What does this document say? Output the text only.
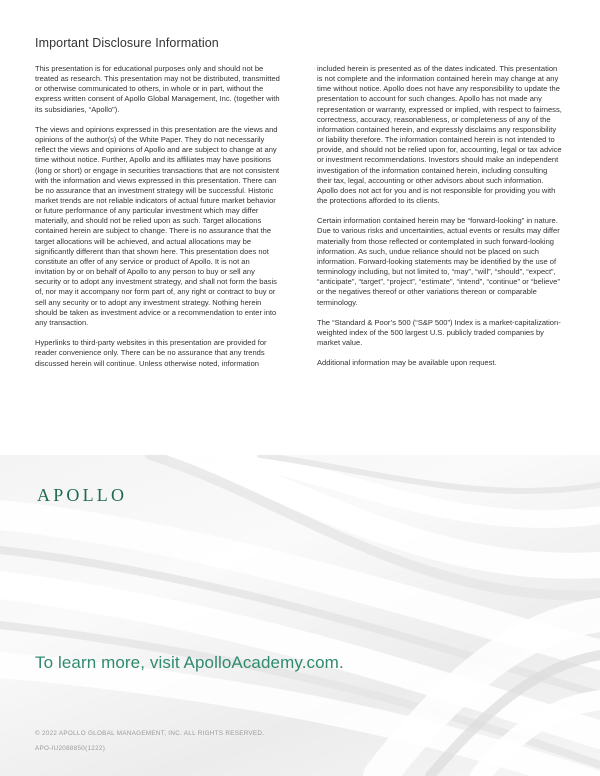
Important Disclosure Information

This presentation is for educational purposes only and should not be treated as research. This presentation may not be distributed, transmitted or otherwise communicated to others, in whole or in part, without the express written consent of Apollo Global Management, Inc. (together with its subsidiaries, “Apollo”).

The views and opinions expressed in this presentation are the views and opinions of the author(s) of the White Paper. They do not necessarily reflect the views and opinions of Apollo and are subject to change at any time without notice. Further, Apollo and its affiliates may have positions (long or short) or engage in securities transactions that are not consistent with the information and views expressed in this presentation. There can be no assurance that an investment strategy will be successful. Historic market trends are not reliable indicators of actual future market behavior or future performance of any particular investment which may differ materially, and should not be relied upon as such. Target allocations contained herein are subject to change. There is no assurance that the target allocations will be achieved, and actual allocations may be significantly different than that shown here. This presentation does not constitute an offer of any service or product of Apollo. It is not an invitation by or on behalf of Apollo to any person to buy or sell any security or to adopt any investment strategy, and shall not form the basis of, nor may it accompany nor form part of, any right or contract to buy or sell any security or to adopt any investment strategy. Nothing herein should be taken as investment advice or a recommendation to enter into any transaction.

Hyperlinks to third-party websites in this presentation are provided for reader convenience only. There can be no assurance that any trends discussed herein will continue. Unless otherwise noted, information

included herein is presented as of the dates indicated. This presentation is not complete and the information contained herein may change at any time without notice. Apollo does not have any responsibility to update the presentation to account for such changes. Apollo has not made any representation or warranty, expressed or implied, with respect to fairness, correctness, accuracy, reasonableness, or completeness of any of the information contained herein, and expressly disclaims any responsibility or liability therefore. The information contained herein is not intended to provide, and should not be relied upon for, accounting, legal or tax advice or investment recommendations. Investors should make an independent investigation of the information contained herein, including consulting their tax, legal, accounting or other advisors about such information. Apollo does not act for you and is not responsible for providing you with the protections afforded to its clients.

Certain information contained herein may be “forward-looking” in nature. Due to various risks and uncertainties, actual events or results may differ materially from those reflected or contemplated in such forward-looking information. As such, undue reliance should not be placed on such information. Forward-looking statements may be identified by the use of terminology including, but not limited to, “may”, “will”, “should”, “expect”, “anticipate”, “target”, “project”, “estimate”, “intend”, “continue” or “believe” or the negatives thereof or other variations thereon or comparable terminology.

The “Standard & Poor’s 500 (“S&P 500”) Index is a market-capitalization-weighted index of the 500 largest U.S. publicly traded companies by market value.

Additional information may be available upon request.

APOLLO
To learn more, visit ApolloAcademy.com.
© 2022 APOLLO GLOBAL MANAGEMENT, INC. ALL RIGHTS RESERVED.
APO-IU2088850(1222)
